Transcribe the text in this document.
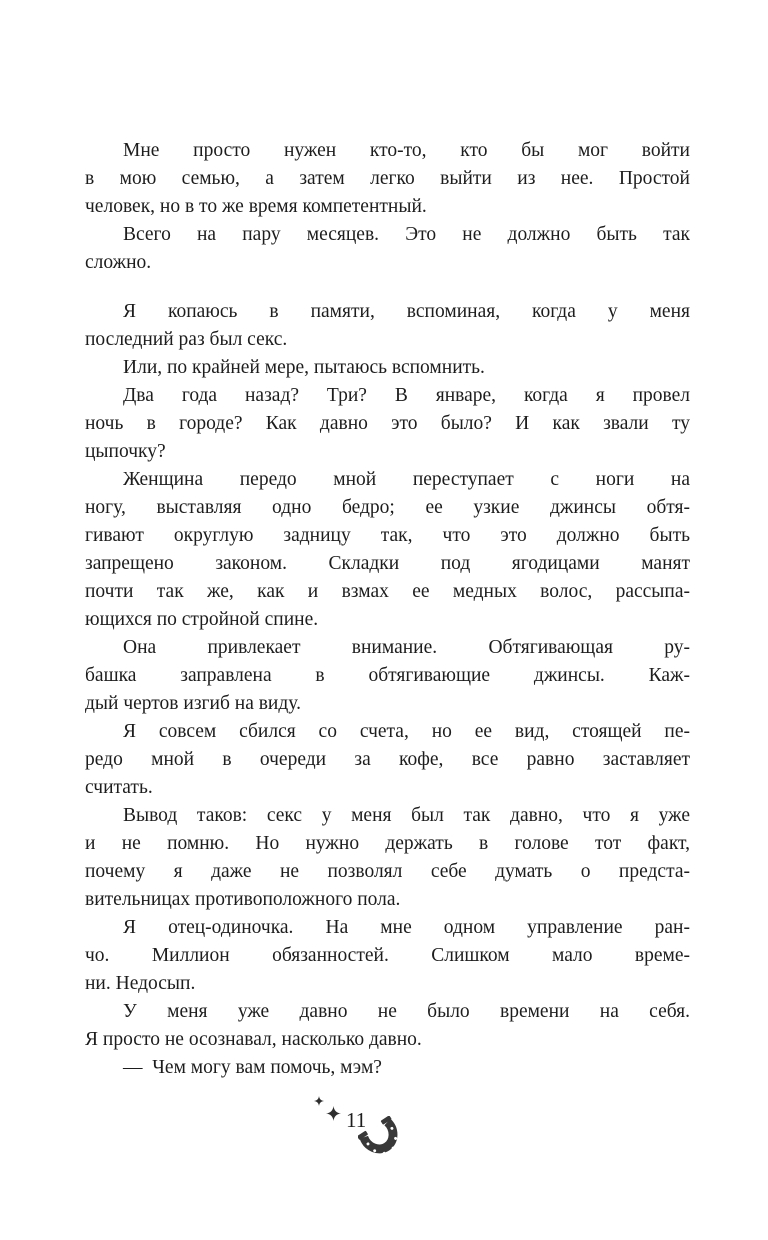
Мне просто нужен кто-то, кто бы мог войти
в мою семью, а затем легко выйти из нее. Простой
человек, но в то же время компетентный.
Всего на пару месяцев. Это не должно быть так
сложно.
Я копаюсь в памяти, вспоминая, когда у меня
последний раз был секс.
Или, по крайней мере, пытаюсь вспомнить.
Два года назад? Три? В январе, когда я провел
ночь в городе? Как давно это было? И как звали ту
цыпочку?
Женщина передо мной переступает с ноги на
ногу, выставляя одно бедро; ее узкие джинсы обтя-
гивают округлую задницу так, что это должно быть
запрещено законом. Складки под ягодицами манят
почти так же, как и взмах ее медных волос, рассыпа-
ющихся по стройной спине.
Она привлекает внимание. Обтягивающая ру-
башка заправлена в обтягивающие джинсы. Каж-
дый чертов изгиб на виду.
Я совсем сбился со счета, но ее вид, стоящей пе-
редо мной в очереди за кофе, все равно заставляет
считать.
Вывод таков: секс у меня был так давно, что я уже
и не помню. Но нужно держать в голове тот факт,
почему я даже не позволял себе думать о предста-
вительницах противоположного пола.
Я отец-одиночка. На мне одном управление ран-
чо. Миллион обязанностей. Слишком мало време-
ни. Недосып.
У меня уже давно не было времени на себя.
Я просто не осознавал, насколько давно.
— Чем могу вам помочь, мэм?
11
